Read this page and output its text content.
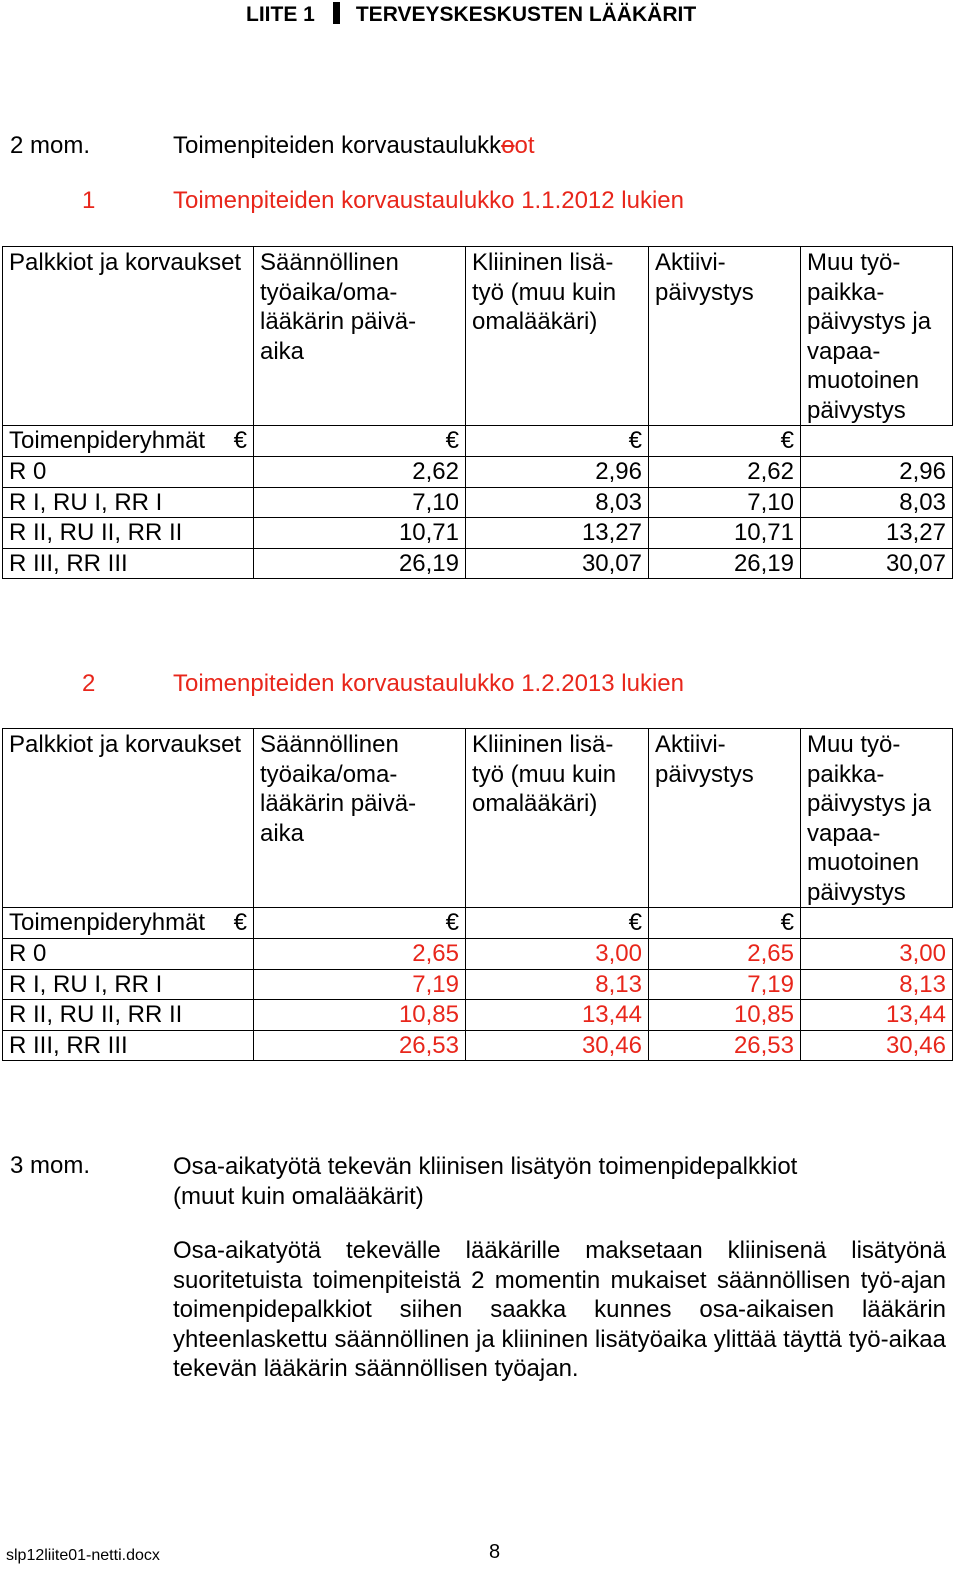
LIITE 1 TERVEYSKESKUSTEN LÄÄKÄRIT
2 mom.	Toimenpiteiden korvaustaulukkoot
1	Toimenpiteiden korvaustaulukko 1.1.2012 lukien
Palkkiot ja korvaukset	Säännöllinen työaika/oma-lääkärin päivä-aika	Kliininen lisä-työ (muu kuin omalääkäri)	Aktiivi-päivystys	Muu työ-paikka-päivystys ja vapaa-muotoinen päivystys
Toimenpideryhmät €	€	€	€
R 0	2,62	2,96	2,62	2,96
R I, RU I, RR I	7,10	8,03	7,10	8,03
R II, RU II, RR II	10,71	13,27	10,71	13,27
R III, RR III	26,19	30,07	26,19	30,07
2	Toimenpiteiden korvaustaulukko 1.2.2013 lukien
Palkkiot ja korvaukset	Säännöllinen työaika/oma-lääkärin päivä-aika	Kliininen lisä-työ (muu kuin omalääkäri)	Aktiivi-päivystys	Muu työ-paikka-päivystys ja vapaa-muotoinen päivystys
Toimenpideryhmät €	€	€	€
R 0	2,65	3,00	2,65	3,00
R I, RU I, RR I	7,19	8,13	7,19	8,13
R II, RU II, RR II	10,85	13,44	10,85	13,44
R III, RR III	26,53	30,46	26,53	30,46
3 mom.	Osa-aikatyötä tekevän kliinisen lisätyön toimenpidepalkkiot
(muut kuin omalääkärit)
Osa-aikatyötä tekevälle lääkärille maksetaan kliinisenä lisätyönä suoritetuista toimenpiteistä 2 momentin mukaiset säännöllisen työ-ajan toimenpidepalkkiot siihen saakka kunnes osa-aikaisen lääkärin yhteenlaskettu säännöllinen ja kliininen lisätyöaika ylittää täyttä työ-aikaa tekevän lääkärin säännöllisen työajan.
slp12liite01-netti.docx	8
